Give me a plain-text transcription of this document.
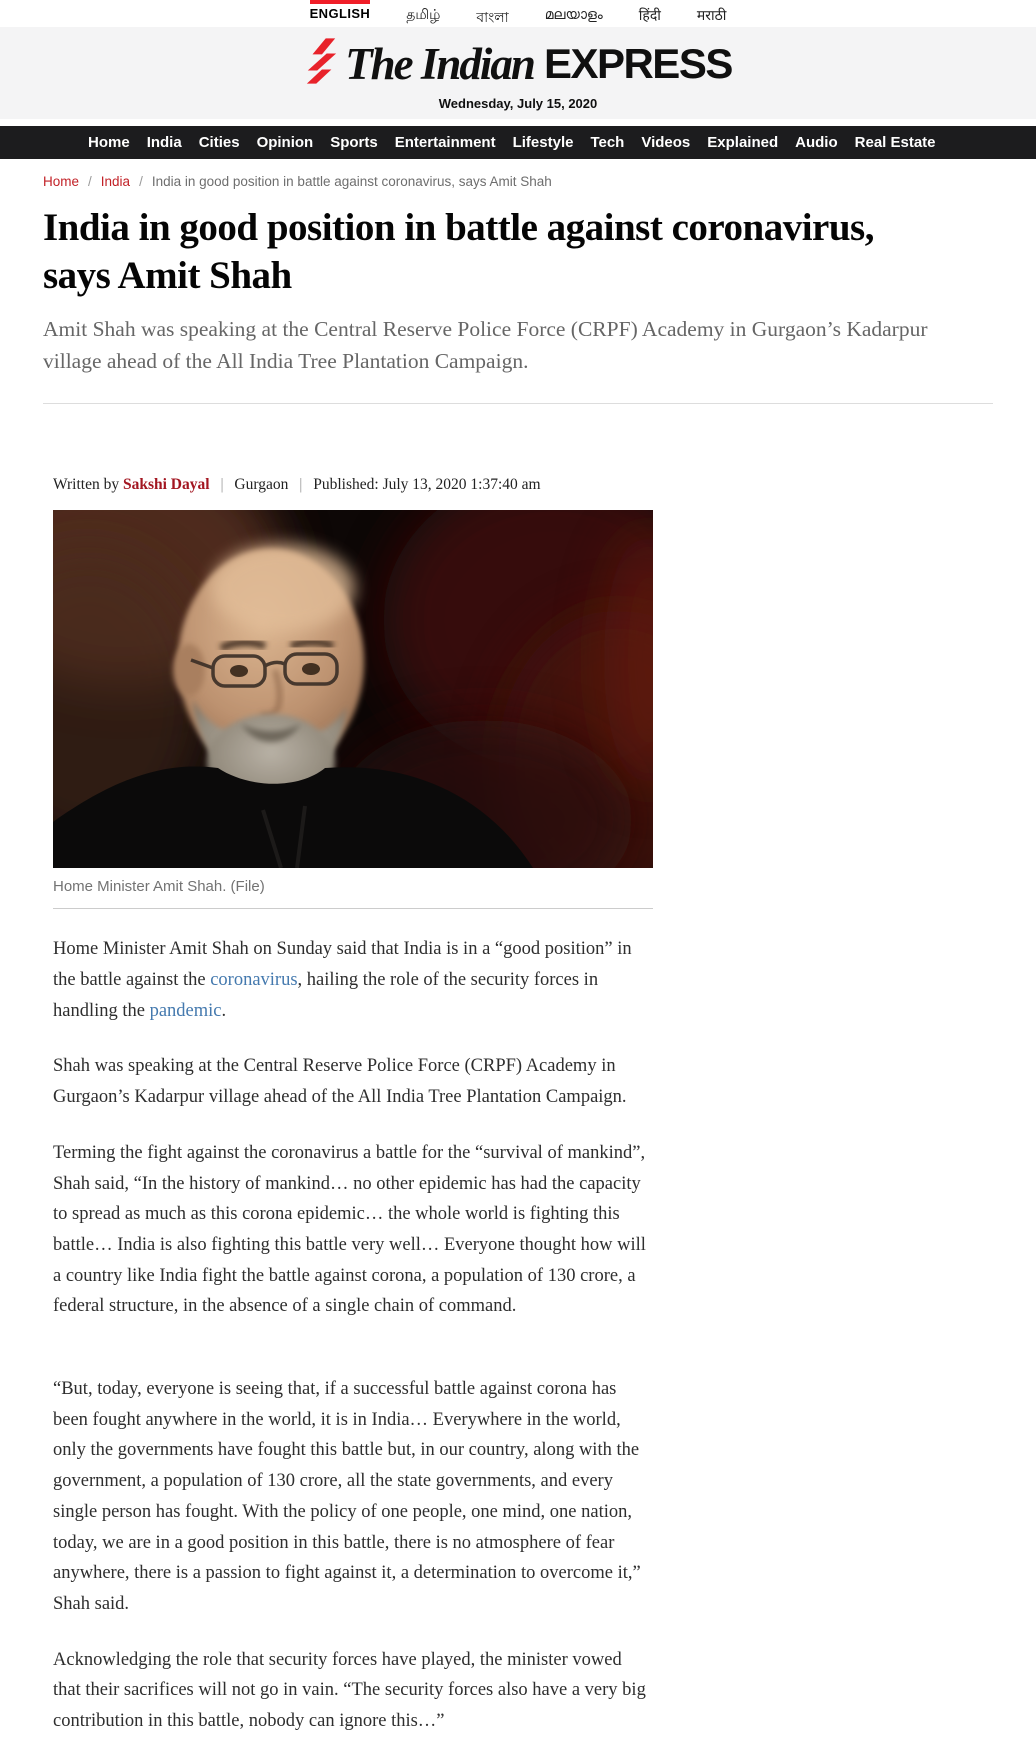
ENGLISH	தமிழ்	বাংলা	മലയാളം	हिंदी	मराठी
The Indian EXPRESS
Wednesday, July 15, 2020
Home India Cities Opinion Sports Entertainment Lifestyle Tech Videos Explained Audio Real Estate
Home / India / India in good position in battle against coronavirus, says Amit Shah
India in good position in battle against coronavirus, says Amit Shah
Amit Shah was speaking at the Central Reserve Police Force (CRPF) Academy in Gurgaon’s Kadarpur village ahead of the All India Tree Plantation Campaign.
Written by Sakshi Dayal | Gurgaon | Published: July 13, 2020 1:37:40 am
Home Minister Amit Shah. (File)

Home Minister Amit Shah on Sunday said that India is in a “good position” in the battle against the coronavirus, hailing the role of the security forces in handling the pandemic.

Shah was speaking at the Central Reserve Police Force (CRPF) Academy in Gurgaon’s Kadarpur village ahead of the All India Tree Plantation Campaign.

Terming the fight against the coronavirus a battle for the “survival of mankind”, Shah said, “In the history of mankind… no other epidemic has had the capacity to spread as much as this corona epidemic… the whole world is fighting this battle… India is also fighting this battle very well… Everyone thought how will a country like India fight the battle against corona, a population of 130 crore, a federal structure, in the absence of a single chain of command.

“But, today, everyone is seeing that, if a successful battle against corona has been fought anywhere in the world, it is in India… Everywhere in the world, only the governments have fought this battle but, in our country, along with the government, a population of 130 crore, all the state governments, and every single person has fought. With the policy of one people, one mind, one nation, today, we are in a good position in this battle, there is no atmosphere of fear anywhere, there is a passion to fight against it, a determination to overcome it,” Shah said.

Acknowledging the role that security forces have played, the minister vowed that their sacrifices will not go in vain. “The security forces also have a very big contribution in this battle, nobody can ignore this…”
